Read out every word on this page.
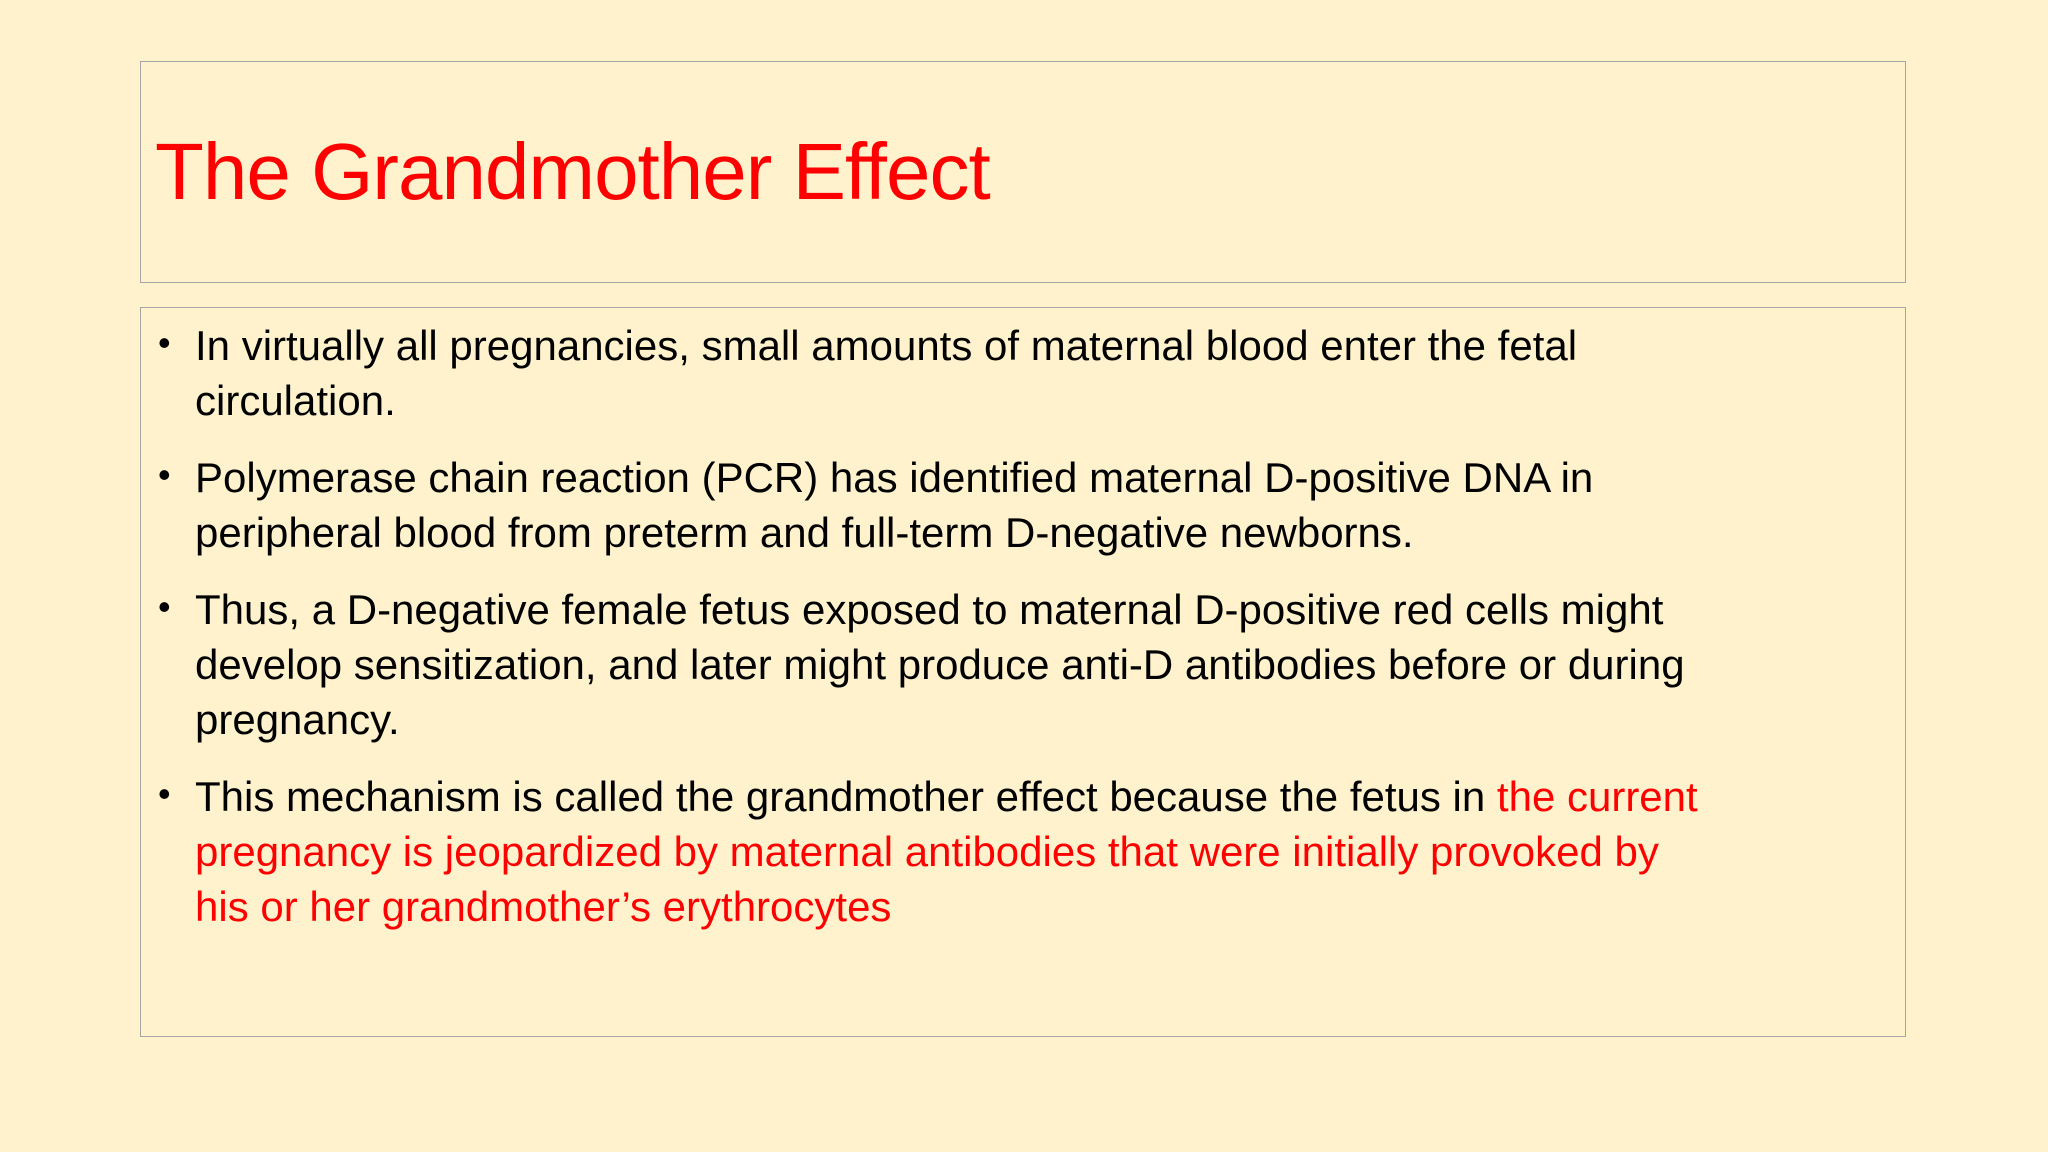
The Grandmother Effect
• In virtually all pregnancies, small amounts of maternal blood enter the fetal
circulation.
• Polymerase chain reaction (PCR) has identified maternal D-positive DNA in
peripheral blood from preterm and full-term D-negative newborns.
• Thus, a D-negative female fetus exposed to maternal D-positive red cells might
develop sensitization, and later might produce anti-D antibodies before or during
pregnancy.
• This mechanism is called the grandmother effect because the fetus in the current
pregnancy is jeopardized by maternal antibodies that were initially provoked by
his or her grandmother’s erythrocytes
